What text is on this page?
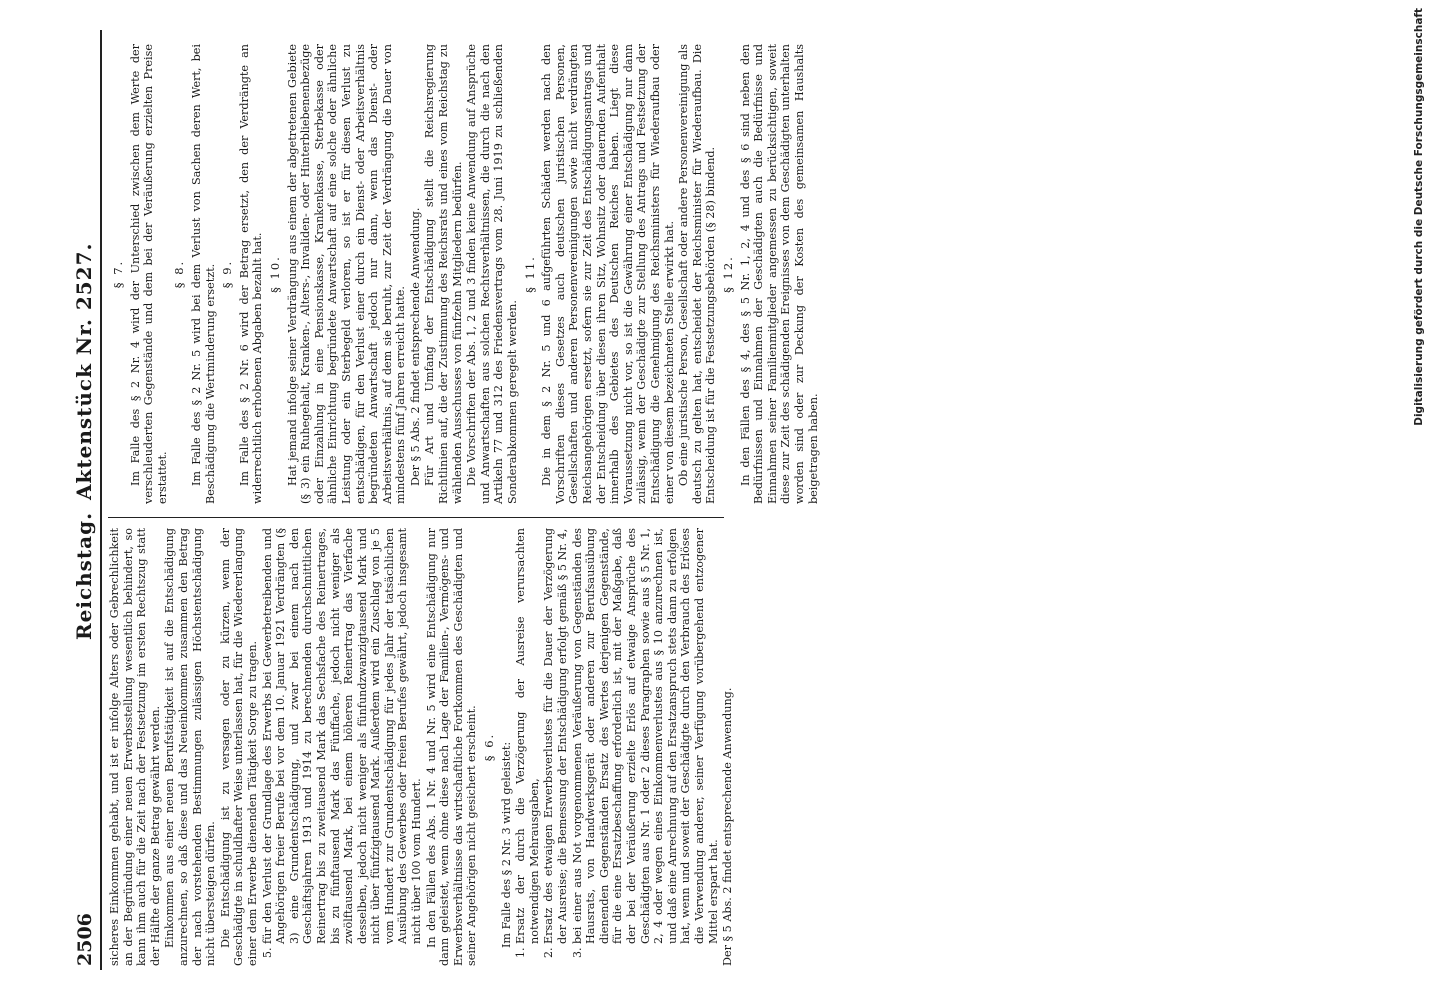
2506
Reichstag.
Aktenstück Nr. 2527.

sicheres Einkommen gehabt, und ist er infolge Alters oder Gebrechlichkeit an der Begründung einer neuen Erwerbsstellung wesentlich behindert, so kann ihm auch für die Zeit nach der Festsetzung im ersten Rechtszug statt der Hälfte der ganze Betrag gewährt werden. Einkommen aus einer neuen Berufstätigkeit ist auf die Entschädigung anzurechnen, so daß diese und das Neueinkommen zusammen den Betrag der nach vorstehenden Bestimmungen zulässigen Höchstentschädigung nicht übersteigen dürfen. Die Entschädigung ist zu versagen oder zu kürzen, wenn der Geschädigte in schuldhafter Weise unterlassen hat, für die Wiedererlangung einer dem Erwerbe dienenden Tätigkeit Sorge zu tragen. 5. für den Verlust der Grundlage des Erwerbs bei Gewerbetreibenden und Angehörigen freier Berufe bei vor dem 10. Januar 1921 Verdrängten (§ 3) eine Grundentschädigung, und zwar bei einem nach den Geschäftsjahren 1913 und 1914 zu berechnenden durchschnittlichen Reinertrag bis zu zweitausend Mark das Sechsfache des Reinertrages, bis zu fünftausend Mark das Fünffache, jedoch nicht weniger als zwölftausend Mark, bei einem höheren Reinertrag das Vierfache desselben, jedoch nicht weniger als fünfundzwanzigtausend Mark und nicht über fünfzigtausend Mark. Außerdem wird ein Zuschlag von je 5 vom Hundert zur Grundentschädigung für jedes Jahr der tatsächlichen Ausübung des Gewerbes oder freien Berufes gewährt, jedoch insgesamt nicht über 100 vom Hundert. In den Fällen des Abs. 1 Nr. 4 und Nr. 5 wird eine Entschädigung nur dann geleistet, wenn ohne diese nach Lage der Familien-, Vermögens- und Erwerbsverhältnisse das wirtschaftliche Fortkommen des Geschädigten und seiner Angehörigen nicht gesichert erscheint. § 6. Im Falle des § 2 Nr. 3 wird geleistet: 1. Ersatz der durch die Verzögerung der Ausreise verursachten notwendigen Mehrausgaben, 2. Ersatz des etwaigen Erwerbsverlustes für die Dauer der Verzögerung der Ausreise; die Bemessung der Entschädigung erfolgt gemäß § 5 Nr. 4, 3. bei einer aus Not vorgenommenen Veräußerung von Gegenständen des Hausrats, von Handwerksgerät oder anderen zur Berufsausübung dienenden Gegenständen Ersatz des Wertes derjenigen Gegenstände, für die eine Ersatzbeschaffung erforderlich ist, mit der Maßgabe, daß der bei der Veräußerung erzielte Erlös auf etwaige Ansprüche des Geschädigten aus Nr. 1 oder 2 dieses Paragraphen sowie aus § 5 Nr. 1, 2, 4 oder wegen eines Einkommenverlustes aus § 10 anzurechnen ist, und daß eine Anrechnung auf den Ersatzanspruch stets dann zu erfolgen hat, wenn und soweit der Geschädigte durch den Verbrauch des Erlöses die Verwendung anderer, seiner Verfügung vorübergehend entzogener Mittel erspart hat. Der § 5 Abs. 2 findet entsprechende Anwendung.

§ 7. Im Falle des § 2 Nr. 4 wird der Unterschied zwischen dem Werte der verschleuderten Gegenstände und dem bei der Veräußerung erzielten Preise erstattet.

§ 8. Im Falle des § 2 Nr. 5 wird bei dem Verlust von Sachen deren Wert, bei Beschädigung die Wertminderung ersetzt. § 9. Im Falle des § 2 Nr. 6 wird der Betrag ersetzt, den der Verdrängte an widerrechtlich erhobenen Abgaben bezahlt hat. § 10. Hat jemand infolge seiner Verdrängung aus einem der abgetretenen Gebiete (§ 3) ein Ruhegehalt, Kranken-, Alters-, Invaliden- oder Hinterbliebenenbezüge oder Einzahlung in eine Pensionskasse, Krankenkasse, Sterbekasse oder ähnliche Einrichtung begründete Anwartschaft auf eine solche oder ähnliche Leistung oder ein Sterbegeld verloren, so ist er für diesen Verlust zu entschädigen, für den Verlust einer durch ein Dienst- oder Arbeitsverhältnis begründeten Anwartschaft jedoch nur dann, wenn das Dienst- oder Arbeitsverhältnis, auf dem sie beruht, zur Zeit der Verdrängung die Dauer von mindestens fünf Jahren erreicht hatte. Der § 5 Abs. 2 findet entsprechende Anwendung. Für Art und Umfang der Entschädigung stellt die Reichsregierung Richtlinien auf, die der Zustimmung des Reichsrats und eines vom Reichstag zu wählenden Ausschusses von fünfzehn Mitgliedern bedürfen. Die Vorschriften der Abs. 1, 2 und 3 finden keine Anwendung auf Ansprüche und Anwartschaften aus solchen Rechtsverhältnissen, die durch die nach den Artikeln 77 und 312 des Friedensvertrags vom 28. Juni 1919 zu schließenden Sonderabkommen geregelt werden.

§ 11. Die in dem § 2 Nr. 5 und 6 aufgeführten Schäden werden nach den Vorschriften dieses Gesetzes auch deutschen juristischen Personen, Gesellschaften und anderen Personenvereinigungen sowie nicht verdrängten Reichsangehörigen ersetzt, sofern sie zur Zeit des Entschädigungsantrags und der Entscheidung über diesen ihren Sitz, Wohnsitz oder dauernden Aufenthalt innerhalb des Gebietes des Deutschen Reiches haben. Liegt diese Voraussetzung nicht vor, so ist die Gewährung einer Entschädigung nur dann zulässig, wenn der Geschädigte zur Stellung des Antrags und Festsetzung der Entschädigung die Genehmigung des Reichsministers für Wiederaufbau oder einer von diesem bezeichneten Stelle erwirkt hat. Ob eine juristische Person, Gesellschaft oder andere Personenvereinigung als deutsch zu gelten hat, entscheidet der Reichsminister für Wiederaufbau. Die Entscheidung ist für die Festsetzungsbehörden (§ 28) bindend. § 12. In den Fällen des § 4, des § 5 Nr. 1, 2, 4 und des § 6 sind neben den Bedürfnissen und Einnahmen der Geschädigten auch die Bedürfnisse und Einnahmen seiner Familienmitglieder angemessen zu berücksichtigen, soweit diese zur Zeit des schädigenden Ereignisses von dem Geschädigten unterhalten worden sind oder zur Deckung der Kosten des gemeinsamen Haushalts beigetragen haben.

Digitalisierung gefördert durch die Deutsche Forschungsgemeinschaft
